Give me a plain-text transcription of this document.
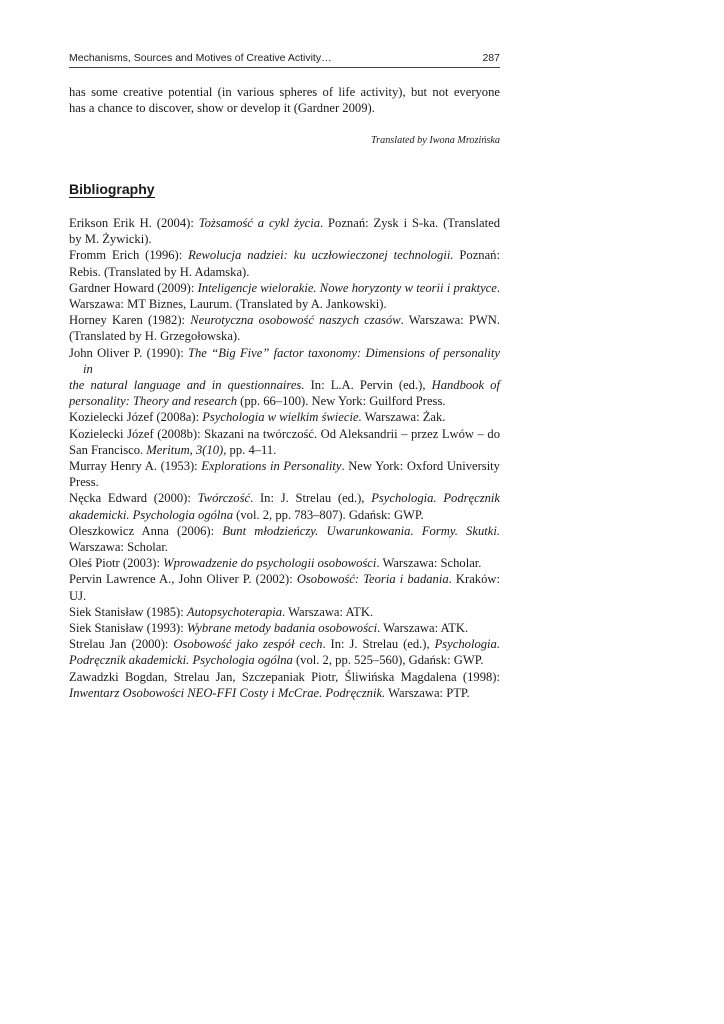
Mechanisms, Sources and Motives of Creative Activity…	287

has some creative potential (in various spheres of life activity), but not everyone
has a chance to discover, show or develop it (Gardner 2009).

Translated by Iwona Mrozińska
Bibliography
Erikson Erik H. (2004): Tożsamość a cykl życia. Poznań: Zysk i S-ka. (Translated
by M. Żywicki).
Fromm Erich (1996): Rewolucja nadziei: ku uczłowieczonej technologii. Poznań:
Rebis. (Translated by H. Adamska).
Gardner Howard (2009): Inteligencje wielorakie. Nowe horyzonty w teorii i praktyce.
Warszawa: MT Biznes, Laurum. (Translated by A. Jankowski).
Horney Karen (1982): Neurotyczna osobowość naszych czasów. Warszawa: PWN.
(Translated by H. Grzegołowska).
John Oliver P. (1990): The “Big Five” factor taxonomy: Dimensions of personality in
the natural language and in questionnaires. In: L.A. Pervin (ed.), Handbook of
personality: Theory and research (pp. 66–100). New York: Guilford Press.
Kozielecki Józef (2008a): Psychologia w wielkim świecie. Warszawa: Żak.
Kozielecki Józef (2008b): Skazani na twórczość. Od Aleksandrii – przez Lwów – do
San Francisco. Meritum, 3(10), pp. 4–11.
Murray Henry A. (1953): Explorations in Personality. New York: Oxford University
Press.
Nęcka Edward (2000): Twórczość. In: J. Strelau (ed.), Psychologia. Podręcznik
akademicki. Psychologia ogólna (vol. 2, pp. 783–807). Gdańsk: GWP.
Oleszkowicz Anna (2006): Bunt młodzieńczy. Uwarunkowania. Formy. Skutki.
Warszawa: Scholar.
Oleś Piotr (2003): Wprowadzenie do psychologii osobowości. Warszawa: Scholar.
Pervin Lawrence A., John Oliver P. (2002): Osobowość: Teoria i badania. Kraków:
UJ.
Siek Stanisław (1985): Autopsychoterapia. Warszawa: ATK.
Siek Stanisław (1993): Wybrane metody badania osobowości. Warszawa: ATK.
Strelau Jan (2000): Osobowość jako zespół cech. In: J. Strelau (ed.), Psychologia.
Podręcznik akademicki. Psychologia ogólna (vol. 2, pp. 525–560), Gdańsk: GWP.
Zawadzki Bogdan, Strelau Jan, Szczepaniak Piotr, Śliwińska Magdalena (1998):
Inwentarz Osobowości NEO-FFI Costy i McCrae. Podręcznik. Warszawa: PTP.
